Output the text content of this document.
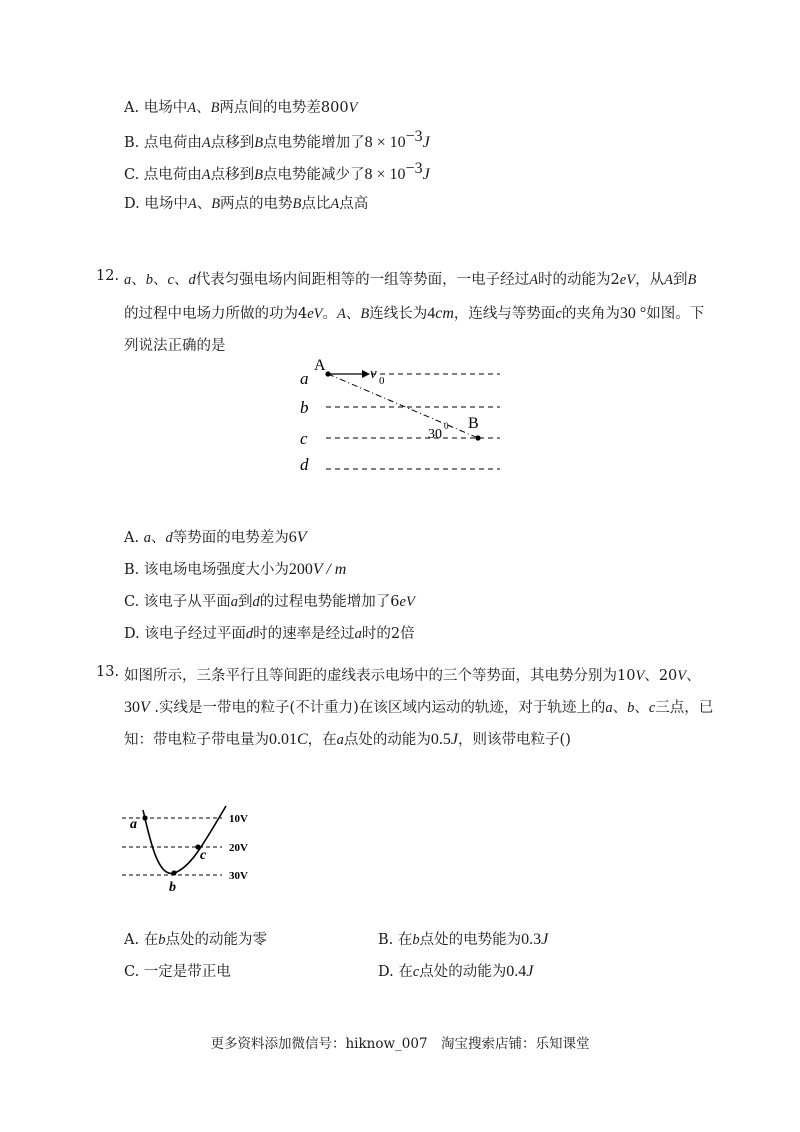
A. 电场中A、B两点间的电势差800V
B. 点电荷由A点移到B点电势能增加了$8 \times 10^{-3}J$
C. 点电荷由A点移到B点电势能减少了$8 \times 10^{-3}J$
D. 电场中A、B两点的电势B点比A点高
12. a、b、c、d代表匀强电场内间距相等的一组等势面，一电子经过A时的动能为2eV，从A到B
的过程中电场力所做的功为4eV。A、B连线长为4cm，连线与等势面c的夹角为30 °如图。下
列说法正确的是
A	v 0
B
30
0
a
b
c
d
A. a、d等势面的电势差为6V
B. 该电场电场强度大小为200V / m
C. 该电子从平面a到d的过程电势能增加了6eV
D. 该电子经过平面d时的速率是经过a时的2倍
13. 如图所示，三条平行且等间距的虚线表示电场中的三个等势面，其电势分别为10V、20V、
30V .实线是一带电的粒子(不计重力)在该区域内运动的轨迹，对于轨迹上的a、b、c三点，已
知：带电粒子带电量为0.01C，在a点处的动能为0.5J，则该带电粒子()
a
b
c
10V
20V
30V
A. 在b点处的动能为零	B. 在b点处的电势能为0.3J
C. 一定是带正电	D. 在c点处的动能为0.4J
更多资料添加微信号：hiknow_007　淘宝搜索店铺：乐知课堂
